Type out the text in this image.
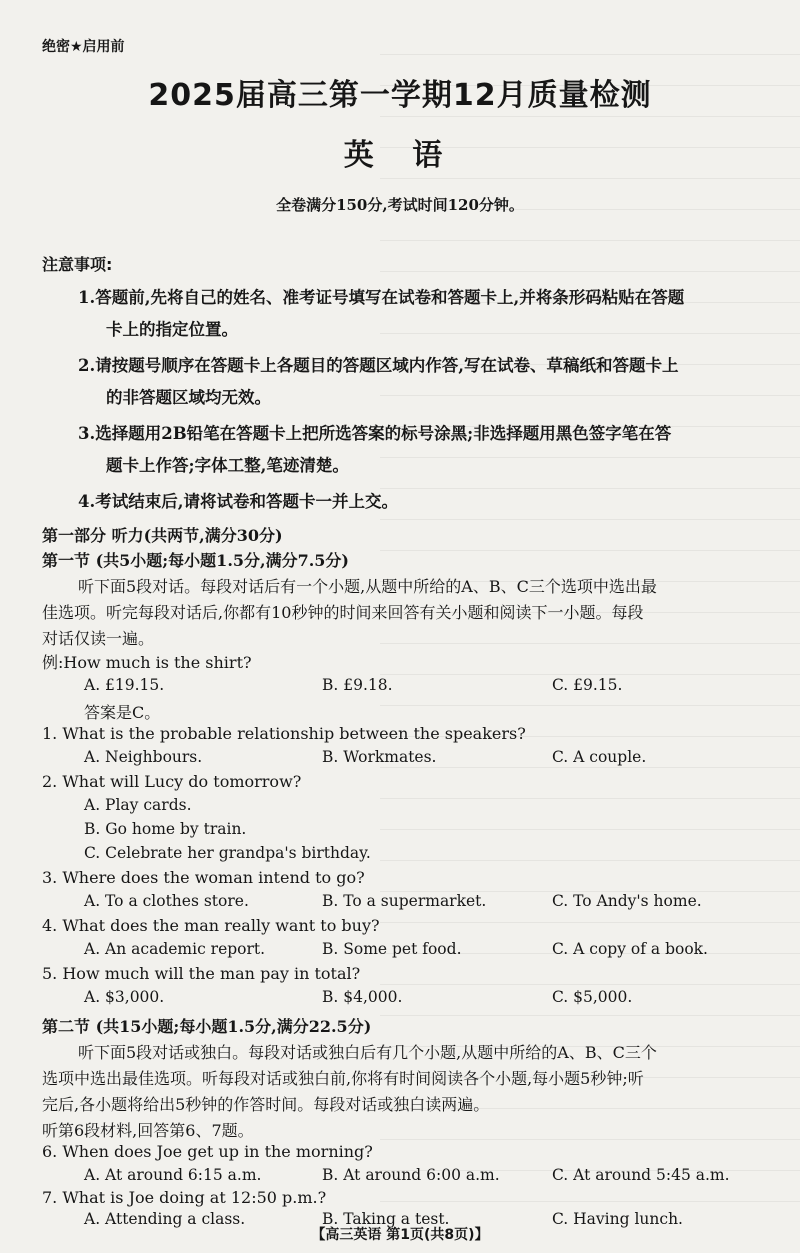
绝密★启用前
2025届高三第一学期12月质量检测
英 语
全卷满分150分,考试时间120分钟。
注意事项:
1.答题前,先将自己的姓名、准考证号填写在试卷和答题卡上,并将条形码粘贴在答题
卡上的指定位置。
2.请按题号顺序在答题卡上各题目的答题区域内作答,写在试卷、草稿纸和答题卡上
的非答题区域均无效。
3.选择题用2B铅笔在答题卡上把所选答案的标号涂黑;非选择题用黑色签字笔在答
题卡上作答;字体工整,笔迹清楚。
4.考试结束后,请将试卷和答题卡一并上交。
第一部分 听力(共两节,满分30分)
第一节 (共5小题;每小题1.5分,满分7.5分)
听下面5段对话。每段对话后有一个小题,从题中所给的A、B、C三个选项中选出最
佳选项。听完每段对话后,你都有10秒钟的时间来回答有关小题和阅读下一小题。每段
对话仅读一遍。
例:How much is the shirt?
A. £19.15.	B. £9.18.	C. £9.15.
答案是C。
1. What is the probable relationship between the speakers?
A. Neighbours.	B. Workmates.	C. A couple.
2. What will Lucy do tomorrow?
A. Play cards.
B. Go home by train.
C. Celebrate her grandpa's birthday.
3. Where does the woman intend to go?
A. To a clothes store.	B. To a supermarket.	C. To Andy's home.
4. What does the man really want to buy?
A. An academic report.	B. Some pet food.	C. A copy of a book.
5. How much will the man pay in total?
A. $3,000.	B. $4,000.	C. $5,000.
第二节 (共15小题;每小题1.5分,满分22.5分)
听下面5段对话或独白。每段对话或独白后有几个小题,从题中所给的A、B、C三个
选项中选出最佳选项。听每段对话或独白前,你将有时间阅读各个小题,每小题5秒钟;听
完后,各小题将给出5秒钟的作答时间。每段对话或独白读两遍。
听第6段材料,回答第6、7题。
6. When does Joe get up in the morning?
A. At around 6:15 a.m.	B. At around 6:00 a.m.	C. At around 5:45 a.m.
7. What is Joe doing at 12:50 p.m.?
A. Attending a class.	B. Taking a test.	C. Having lunch.
【高三英语 第1页(共8页)】
